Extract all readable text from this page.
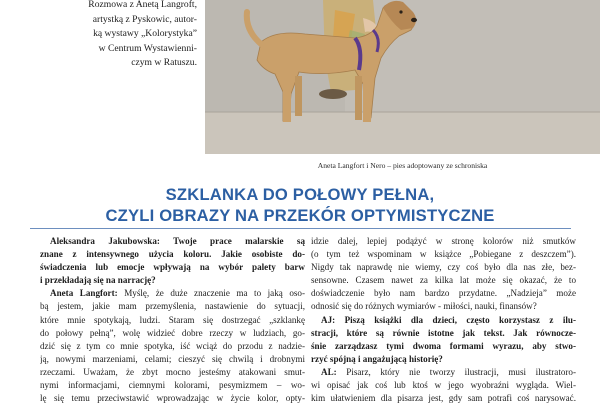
Rozmowa z Anetą Langroft,
artystką z Pyskowic, autor-
ką wystawy „Kolorystyka”
w Centrum Wystawienni-
czym w Ratuszu.
Aneta Langfort i Nero – pies adoptowany ze schroniska
SZKLANKA DO POŁOWY PEŁNA,
CZYLI OBRAZY NA PRZEKÓR OPTYMISTYCZNE
Aleksandra Jakubowska: Twoje prace malarskie są
znane z intensywnego użycia koloru. Jakie osobiste do-
świadczenia lub emocje wpływają na wybór palety barw
i przekładają się na narrację?
Aneta Langfort: Myślę, że duże znaczenie ma to jaką oso-
bą jestem, jakie mam przemyślenia, nastawienie do sytuacji,
które mnie spotykają, ludzi. Staram się dostrzegać „szklankę
do połowy pełną”, wolę widzieć dobre rzeczy w ludziach, go-
dzić się z tym co mnie spotyka, iść wciąż do przodu z nadzie-
ją, nowymi marzeniami, celami; cieszyć się chwilą i drobnymi
rzeczami. Uważam, że zbyt mocno jesteśmy atakowani smut-
nymi informacjami, ciemnymi kolorami, pesymizmem – wo-
lę się temu przeciwstawić wprowadzając w życie kolor, opty-
idzie dalej, lepiej podążyć w stronę kolorów niż smutków
(o tym też wspominam w książce „Pobiegane z deszczem”).
Nigdy tak naprawdę nie wiemy, czy coś było dla nas złe, bez-
sensowne. Czasem nawet za kilka lat może się okazać, że to
doświadczenie było nam bardzo przydatne. „Nadzieja” może
odnosić się do różnych wymiarów - miłości, nauki, finansów?
AJ: Piszą książki dla dzieci, często korzystasz z ilu-
stracji, które są równie istotne jak tekst. Jak równocze-
śnie zarządzasz tymi dwoma formami wyrazu, aby stwo-
rzyć spójną i angażującą historię?
AL: Pisarz, który nie tworzy ilustracji, musi ilustratoro-
wi opisać jak coś lub ktoś w jego wyobraźni wygląda. Wiel-
kim ułatwieniem dla pisarza jest, gdy sam potrafi coś narysować.
